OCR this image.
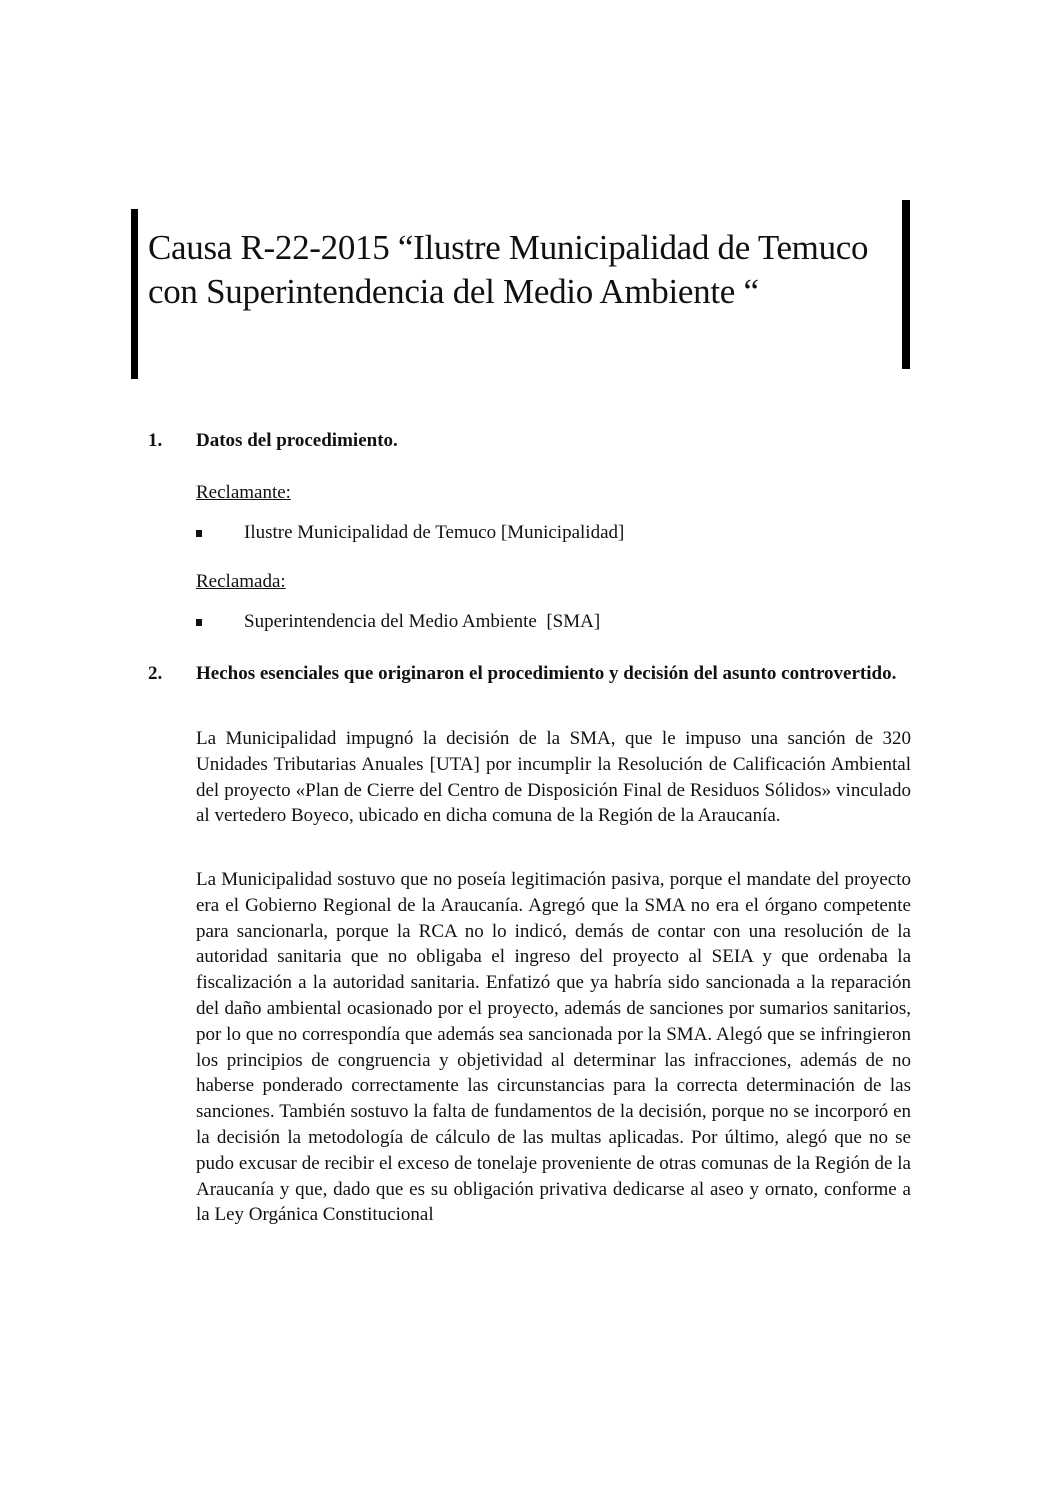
Causa R-22-2015 “Ilustre Municipalidad de Temuco con Superintendencia del Medio Ambiente “
1. Datos del procedimiento.

Reclamante:

Ilustre Municipalidad de Temuco [Municipalidad]

Reclamada:

Superintendencia del Medio Ambiente  [SMA]
2. Hechos esenciales que originaron el procedimiento y decisión del asunto controvertido.

La Municipalidad impugnó la decisión de la SMA, que le impuso una sanción de 320 Unidades Tributarias Anuales [UTA] por incumplir la Resolución de Calificación Ambiental del proyecto «Plan de Cierre del Centro de Disposición Final de Residuos Sólidos» vinculado al vertedero Boyeco, ubicado en dicha comuna de la Región de la Araucanía.

La Municipalidad sostuvo que no poseía legitimación pasiva, porque el mandate del proyecto era el Gobierno Regional de la Araucanía. Agregó que la SMA no era el órgano competente para sancionarla, porque la RCA no lo indicó, demás de contar con una resolución de la autoridad sanitaria que no obligaba el ingreso del proyecto al SEIA y que ordenaba la fiscalización a la autoridad sanitaria. Enfatizó que ya habría sido sancionada a la reparación del daño ambiental ocasionado por el proyecto, además de sanciones por sumarios sanitarios, por lo que no correspondía que además sea sancionada por la SMA. Alegó que se infringieron los principios de congruencia y objetividad al determinar las infracciones, además de no haberse ponderado correctamente las circunstancias para la correcta determinación de las sanciones. También sostuvo la falta de fundamentos de la decisión, porque no se incorporó en la decisión la metodología de cálculo de las multas aplicadas. Por último, alegó que no se pudo excusar de recibir el exceso de tonelaje proveniente de otras comunas de la Región de la Araucanía y que, dado que es su obligación privativa dedicarse al aseo y ornato, conforme a la Ley Orgánica Constitucional
